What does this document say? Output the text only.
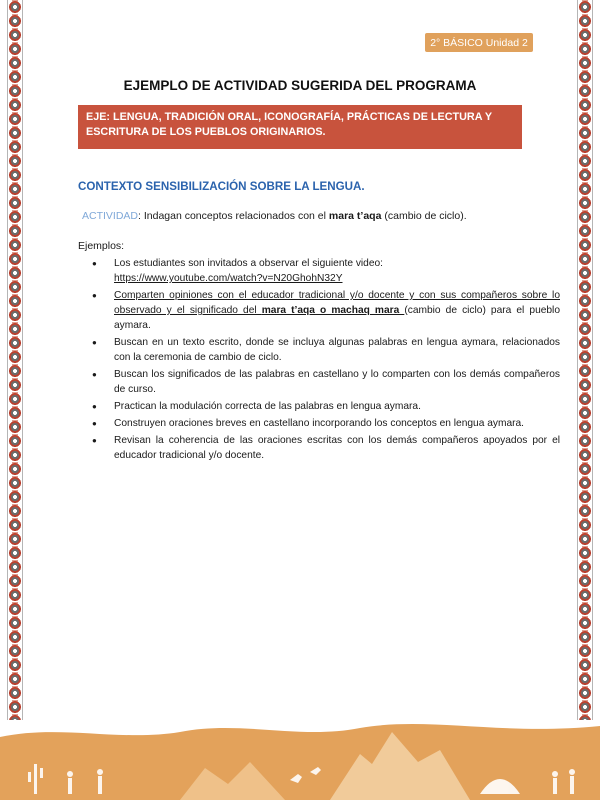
2° BÁSICO Unidad 2
EJEMPLO DE ACTIVIDAD SUGERIDA DEL PROGRAMA
EJE: LENGUA, TRADICIÓN ORAL, ICONOGRAFÍA, PRÁCTICAS DE LECTURA Y ESCRITURA DE LOS PUEBLOS ORIGINARIOS.
CONTEXTO SENSIBILIZACIÓN SOBRE LA LENGUA.
ACTIVIDAD: Indagan conceptos relacionados con el mara t’aqa (cambio de ciclo).
Ejemplos:
● Los estudiantes son invitados a observar el siguiente video:
https://www.youtube.com/watch?v=N20GhohN32Y
● Comparten opiniones con el educador tradicional y/o docente y con sus compañeros sobre lo observado y el significado del mara t’aqa o machaq mara (cambio de ciclo) para el pueblo aymara.
● Buscan en un texto escrito, donde se incluya algunas palabras en lengua aymara, relacionados con la ceremonia de cambio de ciclo.
● Buscan los significados de las palabras en castellano y lo comparten con los demás compañeros de curso.
● Practican la modulación correcta de las palabras en lengua aymara.
● Construyen oraciones breves en castellano incorporando los conceptos en lengua aymara.
● Revisan la coherencia de las oraciones escritas con los demás compañeros apoyados por el educador tradicional y/o docente.
